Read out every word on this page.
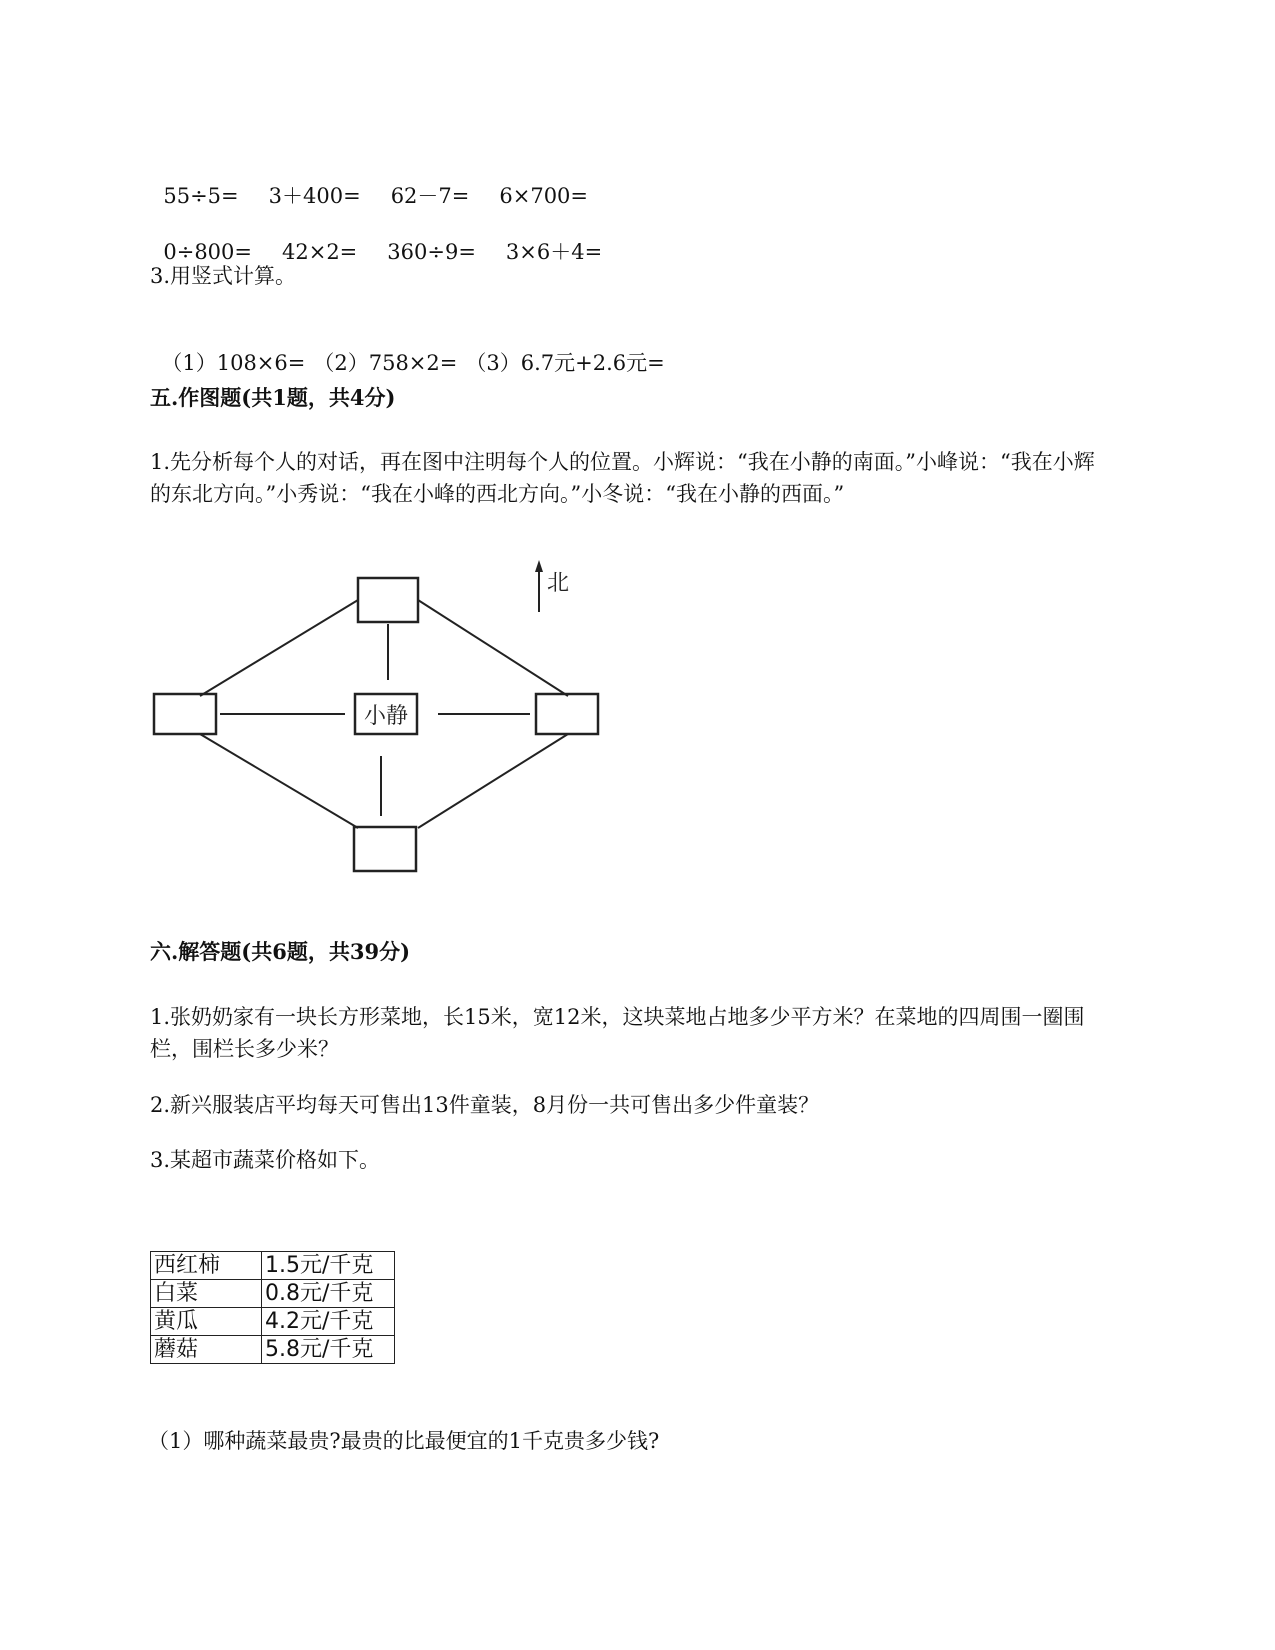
55÷5= 3＋400= 62－7= 6×700=

0÷800= 42×2= 360÷9= 3×6＋4=

3.用竖式计算。

（1）108×6= （2）758×2= （3）6.7元+2.6元=

五.作图题(共1题，共4分)
1.先分析每个人的对话，再在图中注明每个人的位置。小辉说：“我在小静的南面。”小峰说：“我在小辉的东北方向。”小秀说：“我在小峰的西北方向。”小冬说：“我在小静的西面。”
北
小静
六.解答题(共6题，共39分)
1.张奶奶家有一块长方形菜地，长15米，宽12米，这块菜地占地多少平方米？在菜地的四周围一圈围栏，围栏长多少米？
2.新兴服装店平均每天可售出13件童装，8月份一共可售出多少件童装？
3.某超市蔬菜价格如下。
西红柿	1.5元/千克
白菜	0.8元/千克
黄瓜	4.2元/千克
蘑菇	5.8元/千克
（1）哪种蔬菜最贵?最贵的比最便宜的1千克贵多少钱?
